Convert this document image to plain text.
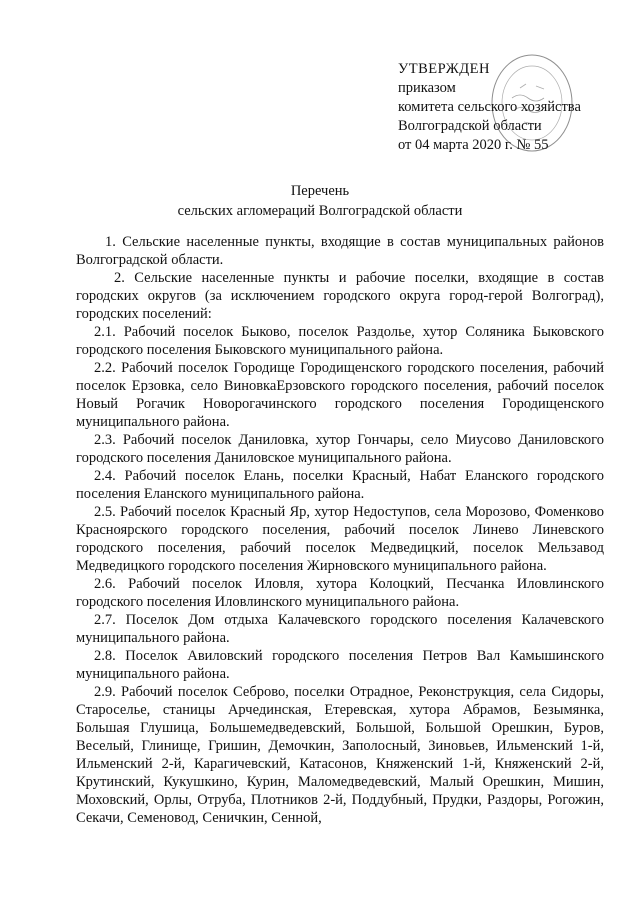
УТВЕРЖДЕН
приказом
комитета сельского хозяйства
Волгоградской области
от 04 марта 2020 г. № 55
Перечень
сельских агломераций Волгоградской области

1. Сельские населенные пункты, входящие в состав муниципальных районов Волгоградской области.

2. Сельские населенные пункты и рабочие поселки, входящие в состав городских округов (за исключением городского округа город-герой Волгоград), городских поселений:

2.1. Рабочий поселок Быково, поселок Раздолье, хутор Соляника Быковского городского поселения Быковского муниципального района.

2.2. Рабочий поселок Городище Городищенского городского поселения, рабочий поселок Ерзовка, село ВиновкаЕрзовского городского поселения, рабочий поселок Новый Рогачик Новорогачинского городского поселения Городищенского муниципального района.

2.3. Рабочий поселок Даниловка, хутор Гончары, село Миусово Даниловского городского поселения Даниловское муниципального района.

2.4. Рабочий поселок Елань, поселки Красный, Набат Еланского городского поселения Еланского муниципального района.

2.5. Рабочий поселок Красный Яр, хутор Недоступов, села Морозово, Фоменково Красноярского городского поселения, рабочий поселок Линево Линевского городского поселения, рабочий поселок Медведицкий, поселок Мельзавод Медведицкого городского поселения Жирновского муниципального района.

2.6. Рабочий поселок Иловля, хутора Колоцкий, Песчанка Иловлинского городского поселения Иловлинского муниципального района.

2.7. Поселок Дом отдыха Калачевского городского поселения Калачевского муниципального района.

2.8. Поселок Авиловский городского поселения Петров Вал Камышинского муниципального района.

2.9. Рабочий поселок Себрово, поселки Отрадное, Реконструкция, села Сидоры, Староселье, станицы Арчединская, Етеревская, хутора Абрамов, Безымянка, Большая Глушица, Большемедведевский, Большой, Большой Орешкин, Буров, Веселый, Глинище, Гришин, Демочкин, Заполосный, Зиновьев, Ильменский 1-й, Ильменский 2-й, Карагичевский, Катасонов, Княженский 1-й, Княженский 2-й, Крутинский, Кукушкино, Курин, Маломедведевский, Малый Орешкин, Мишин, Моховский, Орлы, Отруба, Плотников 2-й, Поддубный, Прудки, Раздоры, Рогожин, Секачи, Семеновод, Сеничкин, Сенной,
